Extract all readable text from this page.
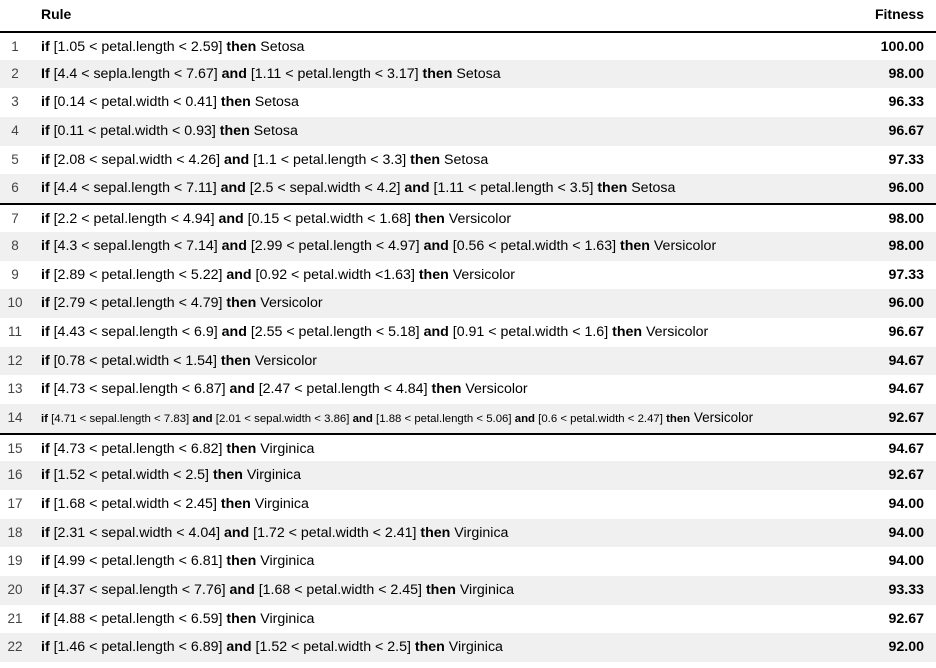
Rule	Fitness
1	if [1.05 < petal.length < 2.59] then Setosa	100.00
2	If [4.4 < sepla.length < 7.67] and [1.11 < petal.length < 3.17] then Setosa	98.00
3	if [0.14 < petal.width < 0.41] then Setosa	96.33
4	if [0.11 < petal.width < 0.93] then Setosa	96.67
5	if [2.08 < sepal.width < 4.26] and [1.1 < petal.length < 3.3] then Setosa	97.33
6	if [4.4 < sepal.length < 7.11] and [2.5 < sepal.width < 4.2] and [1.11 < petal.length < 3.5] then Setosa	96.00
7	if [2.2 < petal.length < 4.94] and [0.15 < petal.width < 1.68] then Versicolor	98.00
8	if [4.3 < sepal.length < 7.14] and [2.99 < petal.length < 4.97] and [0.56 < petal.width < 1.63] then Versicolor	98.00
9	if [2.89 < petal.length < 5.22] and [0.92 < petal.width <1.63] then Versicolor	97.33
10 if [2.79 < petal.length < 4.79] then Versicolor	96.00
11 if [4.43 < sepal.length < 6.9] and [2.55 < petal.length < 5.18] and [0.91 < petal.width < 1.6] then Versicolor	96.67
12 if [0.78 < petal.width < 1.54] then Versicolor	94.67
13 if [4.73 < sepal.length < 6.87] and [2.47 < petal.length < 4.84] then Versicolor	94.67
14	if [4.71 < sepal.length < 7.83] and [2.01 < sepal.width < 3.86] and [1.88 < petal.length < 5.06] and [0.6 < petal.width < 2.47] then Versicolor	92.67
15 if [4.73 < petal.length < 6.82] then Virginica	94.67
16 if [1.52 < petal.width < 2.5] then Virginica	92.67
17 if [1.68 < petal.width < 2.45] then Virginica	94.00
18 if [2.31 < sepal.width < 4.04] and [1.72 < petal.width < 2.41] then Virginica	94.00
19 if [4.99 < petal.length < 6.81] then Virginica	94.00
20 if [4.37 < sepal.length < 7.76] and [1.68 < petal.width < 2.45] then Virginica	93.33
21 if [4.88 < petal.length < 6.59] then Virginica	92.67
22 if [1.46 < petal.length < 6.89] and [1.52 < petal.width < 2.5] then Virginica	92.00
